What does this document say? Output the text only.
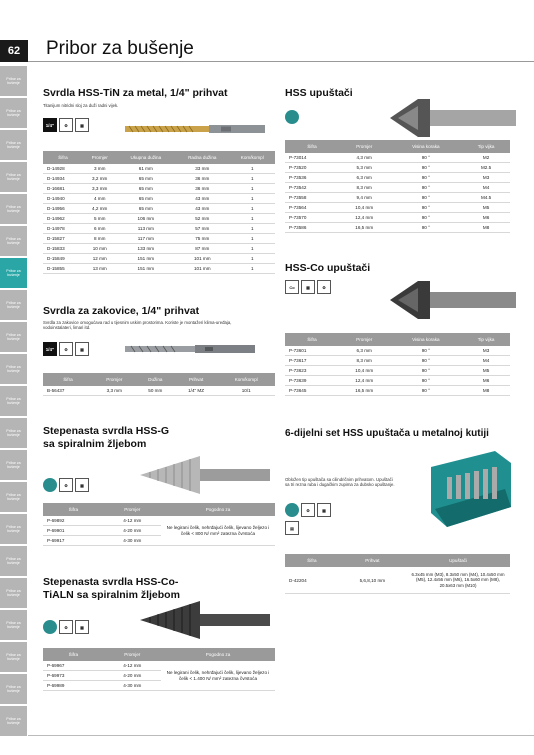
62	Pribor za bušenje
Svrdla HSS-TiN za metal, 1/4" prihvat
Titanijum nitridni sloj za duži radni vijek.
1/4"	⚙	▦
Šifra	Promjer	Ukupna dužina	Radna dužina	Kom/kompl
D-14928	3 mm	61 mm	33 mm	1
D-14934	3,2 mm	65 mm	36 mm	1
D-16681	3,3 mm	65 mm	36 mm	1
D-14940	4 mm	65 mm	43 mm	1
D-14956	4,2 mm	65 mm	43 mm	1
D-14962	5 mm	106 mm	52 mm	1
D-14978	6 mm	113 mm	57 mm	1
D-15827	8 mm	117 mm	75 mm	1
D-15833	10 mm	133 mm	87 mm	1
D-15849	12 mm	151 mm	101 mm	1
D-15855	13 mm	151 mm	101 mm	1
Svrdla za zakovice, 1/4" prihvat
Svrdla za zakovice omogućava rad u tijesnim uskim prostorima. Koriste je montažeri klima-uređaja, vodoinstalateri, limari itd.
1/4"	⚙	▦
Šifra	Promjer	Dužina	Prihvat	Kom/kompl
B-56437	3,3 mm	50 mm	1/4" MZ	10/1
Stepenasta svrdla HSS-G
sa spiralnim žljebom
⚙	▦
Šifra	Promjer	Pogodno za
P-69892	4-12 mm	Ne legirani čelik, nehrđajući čelik, lijevano željezo i čelik < 800 N/ mm² zatezna čvrstoća
P-69901	4-20 mm	
P-69917	4-30 mm	
Stepenasta svrdla HSS-Co-
TiALN sa spiralnim žljebom
⚙	▦
Šifra	Promjer	Pogodno za
P-69967	4-12 mm	Ne legirani čelik, nehrđajući čelik, lijevano željezo i čelik < 1.400 N/ mm² zatezna čvrstoća
P-69973	4-20 mm	
P-69989	4-30 mm	
HSS upuštači
Šifra	Promjer	Visina koraka	Tip vijka
P-73014	4,3 mm	90 °	M2
P-73520	5,3 mm	90 °	M2.5
P-73536	6,3 mm	90 °	M3
P-73542	8,3 mm	90 °	M4
P-73558	9,4 mm	90 °	M4.5
P-73564	10,4 mm	90 °	M5
P-73570	12,4 mm	90 °	M6
P-73586	16,5 mm	90 °	M8
HSS-Co upuštači
Co	▦	⚙
Šifra	Promjer	Visina koraka	Tip vijka
P-73601	6,3 mm	90 °	M3
P-73617	8,3 mm	90 °	M4
P-73623	10,4 mm	90 °	M5
P-73639	12,4 mm	90 °	M6
P-73645	16,5 mm	90 °	M8
6-dijelni set HSS upuštača u metalnoj kutiji
Obložen tip upuštača sa cilindričnim prihvatom. Upuštači sa tri rezna ruba i dugačkim zupima za dubsko upuštanje.
⚙	▦
▤
Šifra	Prihvat	Upuštači
D-42204	5,6,8,10 mm	6.3x45 mm (M3), 8.3x50 mm (M4), 10.4x50 mm (M5), 12.4x56 mm (M6), 16.5x60 mm (M8), 20.5x63 mm (M10)
Pribor za bušenje
Pribor za bušenje
Pribor za bušenje
Pribor za bušenje
Pribor za bušenje
Pribor za bušenje
Pribor za bušenje
Pribor za bušenje
Pribor za bušenje
Pribor za bušenje
Pribor za bušenje
Pribor za bušenje
Pribor za bušenje
Pribor za bušenje
Pribor za bušenje
Pribor za bušenje
Pribor za bušenje
Pribor za bušenje
Pribor za bušenje
Pribor za bušenje
Pribor za bušenje
